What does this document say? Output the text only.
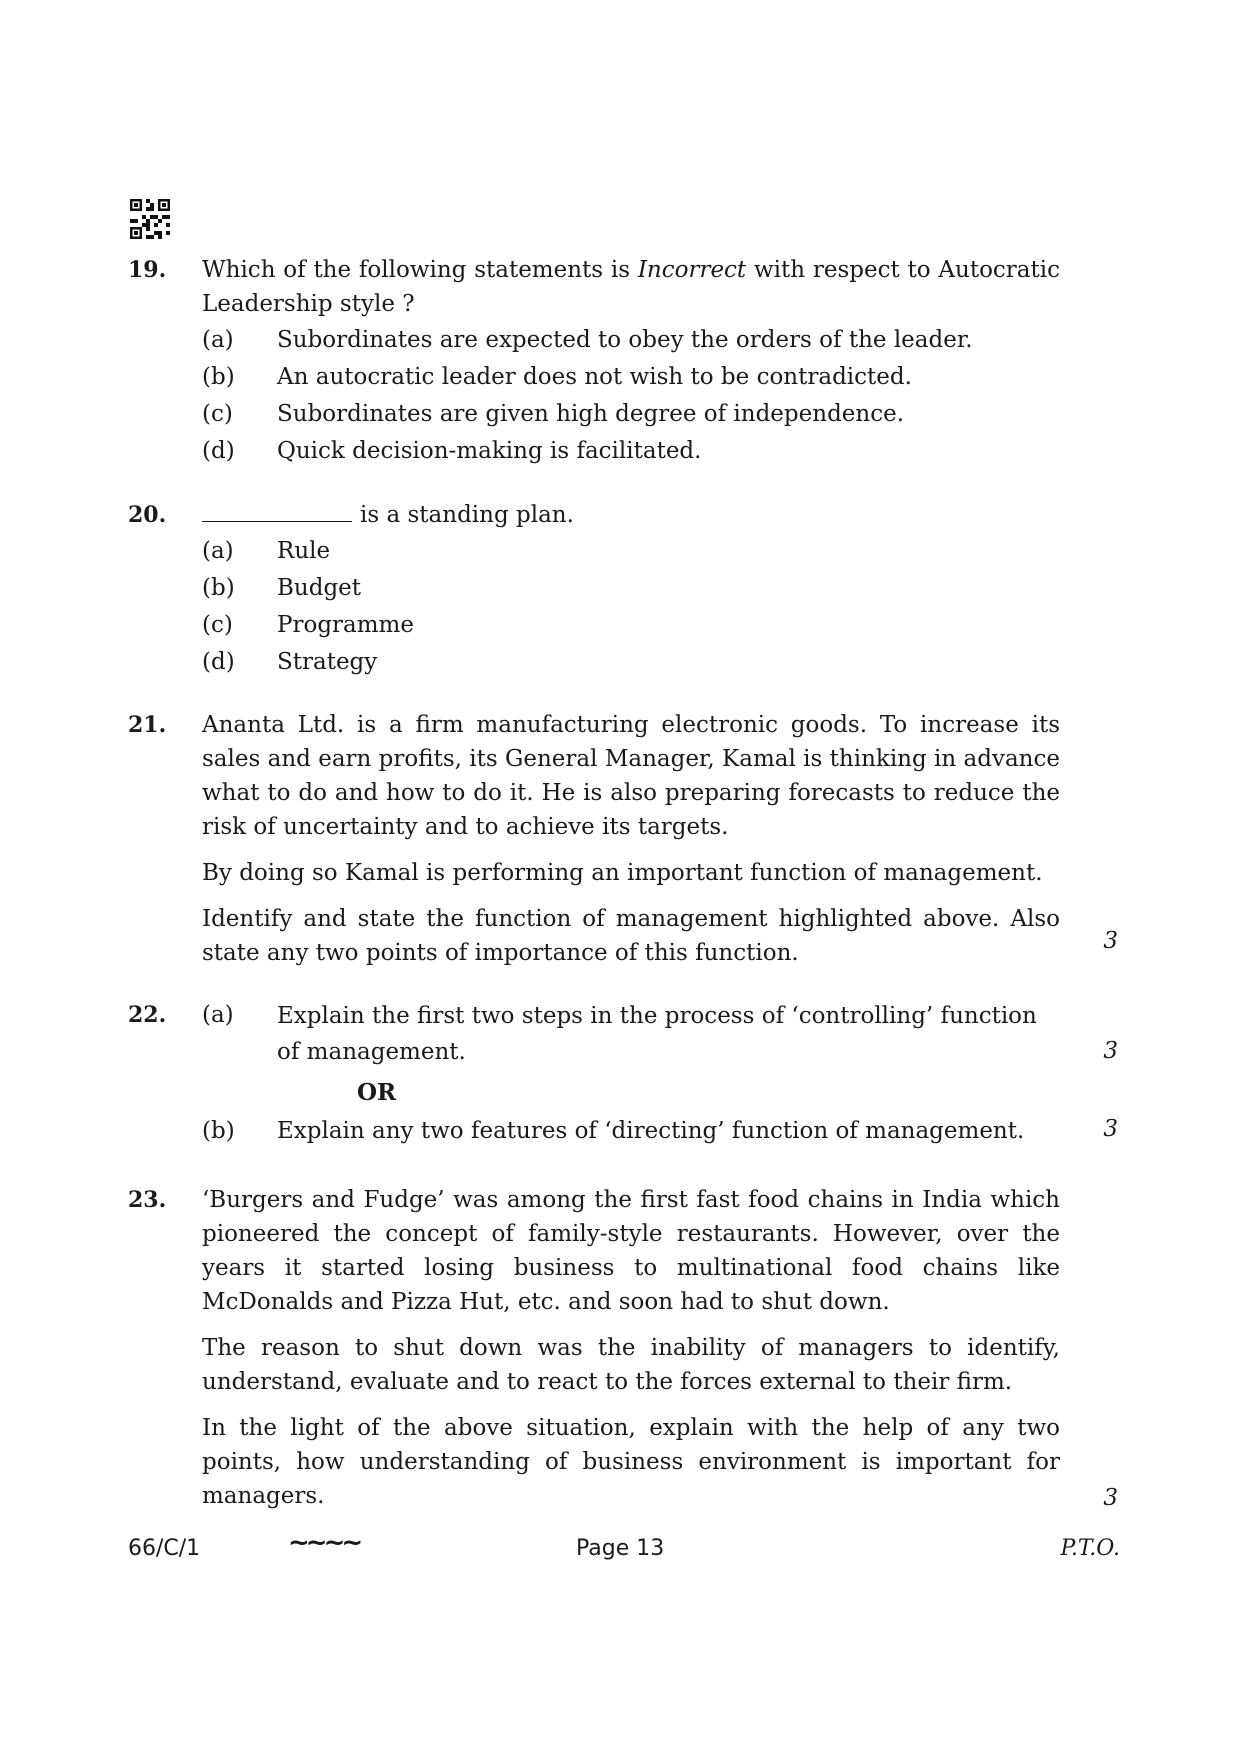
19. Which of the following statements is Incorrect with respect to Autocratic Leadership style ?
(a) Subordinates are expected to obey the orders of the leader.
(b) An autocratic leader does not wish to be contradicted.
(c) Subordinates are given high degree of independence.
(d) Quick decision-making is facilitated.
20.	is a standing plan.
(a) Rule
(b) Budget
(c) Programme
(d) Strategy
21. Ananta Ltd. is a firm manufacturing electronic goods. To increase its sales and earn profits, its General Manager, Kamal is thinking in advance what to do and how to do it. He is also preparing forecasts to reduce the risk of uncertainty and to achieve its targets.
By doing so Kamal is performing an important function of management.
Identify and state the function of management highlighted above. Also state any two points of importance of this function.	3
22. (a) Explain the first two steps in the process of ‘controlling’ function of management.
OR
(b) Explain any two features of ‘directing’ function of management.
3
3
23. ‘Burgers and Fudge’ was among the first fast food chains in India which pioneered the concept of family-style restaurants. However, over the years it started losing business to multinational food chains like McDonalds and Pizza Hut, etc. and soon had to shut down.
The reason to shut down was the inability of managers to identify, understand, evaluate and to react to the forces external to their firm.
In the light of the above situation, explain with the help of any two points, how understanding of business environment is important for managers.	3
66/C/1	~~~~	Page 13	P.T.O.
